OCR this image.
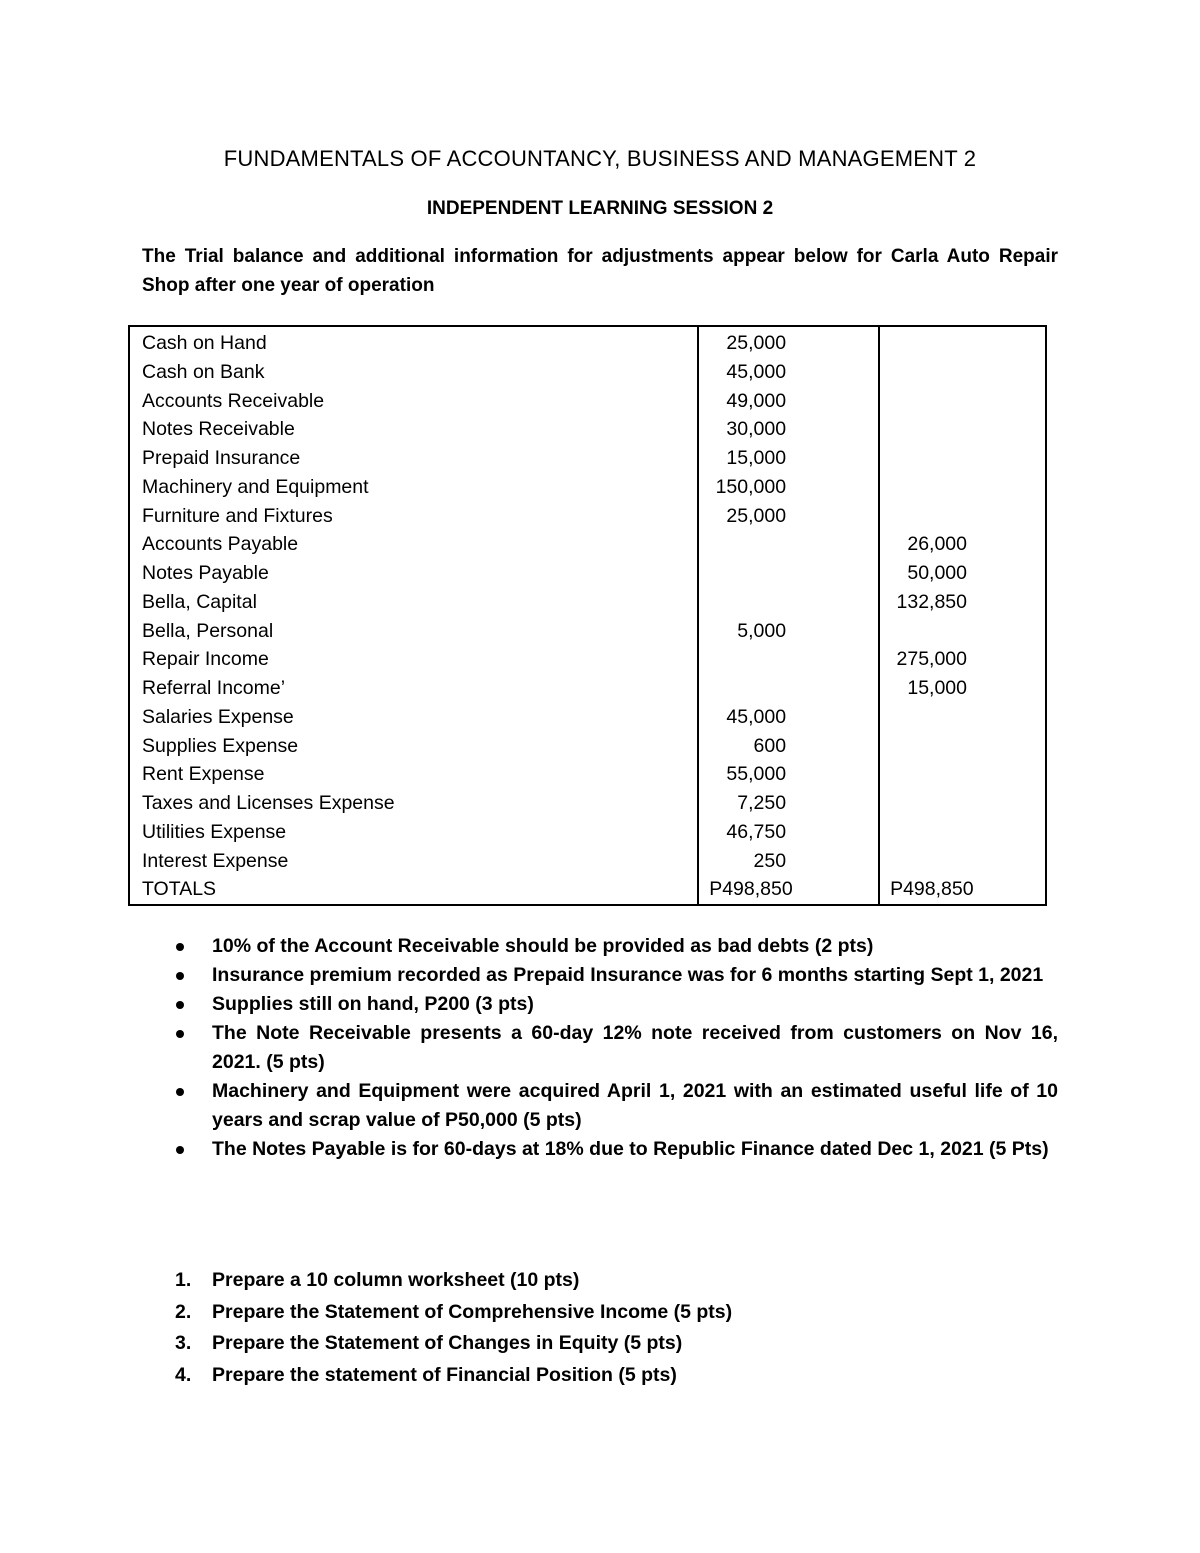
FUNDAMENTALS OF ACCOUNTANCY, BUSINESS AND MANAGEMENT 2
INDEPENDENT LEARNING SESSION 2

The Trial balance and additional information for adjustments appear below for Carla Auto Repair Shop after one year of operation

Cash on Hand	25,000	
Cash on Bank	45,000	
Accounts Receivable	49,000	
Notes Receivable	30,000	
Prepaid Insurance	15,000	
Machinery and Equipment	150,000	
Furniture and Fixtures	25,000	
Accounts Payable		26,000
Notes Payable		50,000
Bella, Capital		132,850
Bella, Personal	5,000	
Repair Income		275,000
Referral Income’		15,000
Salaries Expense	45,000	
Supplies Expense	600	
Rent Expense	55,000	
Taxes and Licenses Expense	7,250	
Utilities Expense	46,750	
Interest Expense	250	
TOTALS	P498,850	P498,850
10% of the Account Receivable should be provided as bad debts (2 pts)
Insurance premium recorded as Prepaid Insurance was for 6 months starting Sept 1, 2021
Supplies still on hand, P200 (3 pts)
The Note Receivable presents a 60-day 12% note received from customers on Nov 16, 2021. (5 pts)
Machinery and Equipment were acquired April 1, 2021 with an estimated useful life of 10 years and scrap value of P50,000 (5 pts)
The Notes Payable is for 60-days at 18% due to Republic Finance dated Dec 1, 2021 (5 Pts)
1. Prepare a 10 column worksheet (10 pts)
2. Prepare the Statement of Comprehensive Income (5 pts)
3. Prepare the Statement of Changes in Equity (5 pts)
4. Prepare the statement of Financial Position (5 pts)
